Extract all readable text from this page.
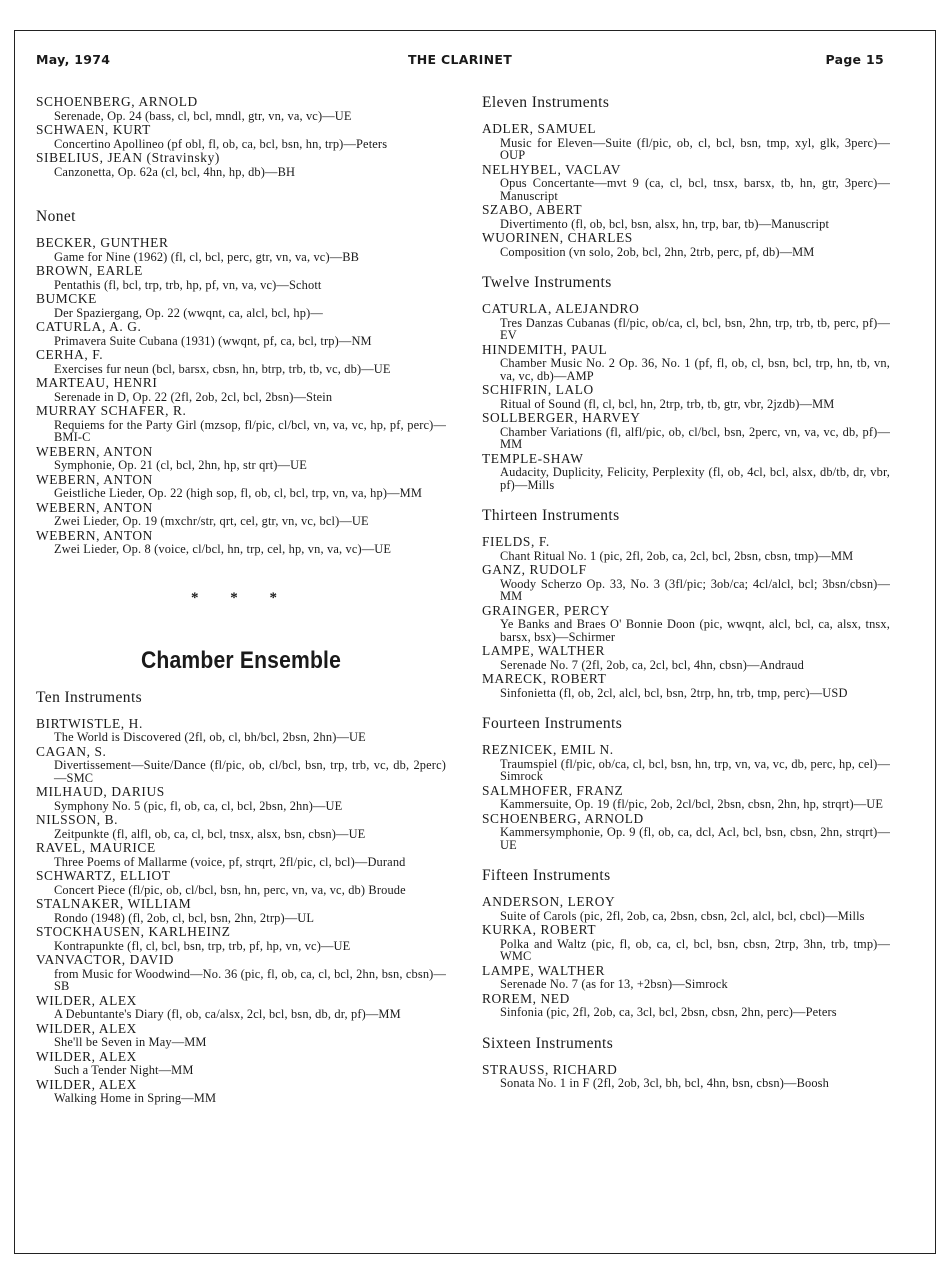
May, 1974	THE CLARINET	Page 15
SCHOENBERG, ARNOLD
Serenade, Op. 24 (bass, cl, bcl, mndl, gtr, vn, va, vc)—UE
SCHWAEN, KURT
Concertino Apollineo (pf obl, fl, ob, ca, bcl, bsn, hn, trp)—Peters
SIBELIUS, JEAN (Stravinsky)
Canzonetta, Op. 62a (cl, bcl, 4hn, hp, db)—BH
Nonet
BECKER, GUNTHER
Game for Nine (1962) (fl, cl, bcl, perc, gtr, vn, va, vc)—BB
BROWN, EARLE
Pentathis (fl, bcl, trp, trb, hp, pf, vn, va, vc)—Schott
BUMCKE
Der Spaziergang, Op. 22 (wwqnt, ca, alcl, bcl, hp)—
CATURLA, A. G.
Primavera Suite Cubana (1931) (wwqnt, pf, ca, bcl, trp)—NM
CERHA, F.
Exercises fur neun (bcl, barsx, cbsn, hn, btrp, trb, tb, vc, db)—UE
MARTEAU, HENRI
Serenade in D, Op. 22 (2fl, 2ob, 2cl, bcl, 2bsn)—Stein
MURRAY SCHAFER, R.
Requiems for the Party Girl (mzsop, fl/pic, cl/bcl, vn, va, vc, hp, pf, perc)—BMI-C
WEBERN, ANTON
Symphonie, Op. 21 (cl, bcl, 2hn, hp, str qrt)—UE
WEBERN, ANTON
Geistliche Lieder, Op. 22 (high sop, fl, ob, cl, bcl, trp, vn, va, hp)—MM
WEBERN, ANTON
Zwei Lieder, Op. 19 (mxchr/str, qrt, cel, gtr, vn, vc, bcl)—UE
WEBERN, ANTON
Zwei Lieder, Op. 8 (voice, cl/bcl, hn, trp, cel, hp, vn, va, vc)—UE
* * *
Chamber Ensemble
Ten Instruments
BIRTWISTLE, H.
The World is Discovered (2fl, ob, cl, bh/bcl, 2bsn, 2hn)—UE
CAGAN, S.
Divertissement—Suite/Dance (fl/pic, ob, cl/bcl, bsn, trp, trb, vc, db, 2perc)—SMC
MILHAUD, DARIUS
Symphony No. 5 (pic, fl, ob, ca, cl, bcl, 2bsn, 2hn)—UE
NILSSON, B.
Zeitpunkte (fl, alfl, ob, ca, cl, bcl, tnsx, alsx, bsn, cbsn)—UE
RAVEL, MAURICE
Three Poems of Mallarme (voice, pf, strqrt, 2fl/pic, cl, bcl)—Durand
SCHWARTZ, ELLIOT
Concert Piece (fl/pic, ob, cl/bcl, bsn, hn, perc, vn, va, vc, db) Broude
STALNAKER, WILLIAM
Rondo (1948) (fl, 2ob, cl, bcl, bsn, 2hn, 2trp)—UL
STOCKHAUSEN, KARLHEINZ
Kontrapunkte (fl, cl, bcl, bsn, trp, trb, pf, hp, vn, vc)—UE
VANVACTOR, DAVID
from Music for Woodwind—No. 36 (pic, fl, ob, ca, cl, bcl, 2hn, bsn, cbsn)—SB
WILDER, ALEX
A Debuntante's Diary (fl, ob, ca/alsx, 2cl, bcl, bsn, db, dr, pf)—MM
WILDER, ALEX
She'll be Seven in May—MM
WILDER, ALEX
Such a Tender Night—MM
WILDER, ALEX
Walking Home in Spring—MM
Eleven Instruments
ADLER, SAMUEL
Music for Eleven—Suite (fl/pic, ob, cl, bcl, bsn, tmp, xyl, glk, 3perc)—OUP
NELHYBEL, VACLAV
Opus Concertante—mvt 9 (ca, cl, bcl, tnsx, barsx, tb, hn, gtr, 3perc)—Manuscript
SZABO, ABERT
Divertimento (fl, ob, bcl, bsn, alsx, hn, trp, bar, tb)—Manuscript
WUORINEN, CHARLES
Composition (vn solo, 2ob, bcl, 2hn, 2trb, perc, pf, db)—MM
Twelve Instruments
CATURLA, ALEJANDRO
Tres Danzas Cubanas (fl/pic, ob/ca, cl, bcl, bsn, 2hn, trp, trb, tb, perc, pf)—EV
HINDEMITH, PAUL
Chamber Music No. 2 Op. 36, No. 1 (pf, fl, ob, cl, bsn, bcl, trp, hn, tb, vn, va, vc, db)—AMP
SCHIFRIN, LALO
Ritual of Sound (fl, cl, bcl, hn, 2trp, trb, tb, gtr, vbr, 2jzdb)—MM
SOLLBERGER, HARVEY
Chamber Variations (fl, alfl/pic, ob, cl/bcl, bsn, 2perc, vn, va, vc, db, pf)—MM
TEMPLE-SHAW
Audacity, Duplicity, Felicity, Perplexity (fl, ob, 4cl, bcl, alsx, db/tb, dr, vbr, pf)—Mills
Thirteen Instruments
FIELDS, F.
Chant Ritual No. 1 (pic, 2fl, 2ob, ca, 2cl, bcl, 2bsn, cbsn, tmp)—MM
GANZ, RUDOLF
Woody Scherzo Op. 33, No. 3 (3fl/pic; 3ob/ca; 4cl/alcl, bcl; 3bsn/cbsn)—MM
GRAINGER, PERCY
Ye Banks and Braes O' Bonnie Doon (pic, wwqnt, alcl, bcl, ca, alsx, tnsx, barsx, bsx)—Schirmer
LAMPE, WALTHER
Serenade No. 7 (2fl, 2ob, ca, 2cl, bcl, 4hn, cbsn)—Andraud
MARECK, ROBERT
Sinfonietta (fl, ob, 2cl, alcl, bcl, bsn, 2trp, hn, trb, tmp, perc)—USD
Fourteen Instruments
REZNICEK, EMIL N.
Traumspiel (fl/pic, ob/ca, cl, bcl, bsn, hn, trp, vn, va, vc, db, perc, hp, cel)—Simrock
SALMHOFER, FRANZ
Kammersuite, Op. 19 (fl/pic, 2ob, 2cl/bcl, 2bsn, cbsn, 2hn, hp, strqrt)—UE
SCHOENBERG, ARNOLD
Kammersymphonie, Op. 9 (fl, ob, ca, dcl, Acl, bcl, bsn, cbsn, 2hn, strqrt)—UE
Fifteen Instruments
ANDERSON, LEROY
Suite of Carols (pic, 2fl, 2ob, ca, 2bsn, cbsn, 2cl, alcl, bcl, cbcl)—Mills
KURKA, ROBERT
Polka and Waltz (pic, fl, ob, ca, cl, bcl, bsn, cbsn, 2trp, 3hn, trb, tmp)—WMC
LAMPE, WALTHER
Serenade No. 7 (as for 13, +2bsn)—Simrock
ROREM, NED
Sinfonia (pic, 2fl, 2ob, ca, 3cl, bcl, 2bsn, cbsn, 2hn, perc)—Peters
Sixteen Instruments
STRAUSS, RICHARD
Sonata No. 1 in F (2fl, 2ob, 3cl, bh, bcl, 4hn, bsn, cbsn)—Boosh
